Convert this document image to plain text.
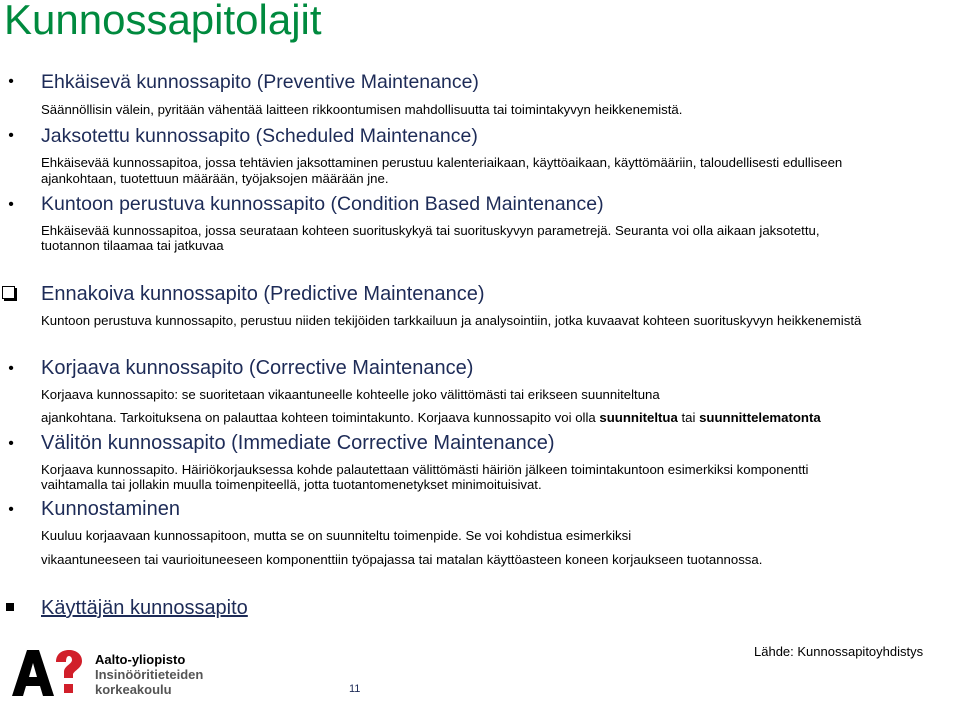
Kunnossapitolajit
• Ehkäisevä kunnossapito (Preventive Maintenance)
Säännöllisin välein, pyritään vähentää laitteen rikkoontumisen mahdollisuutta tai toimintakyvyn heikkenemistä.
• Jaksotettu kunnossapito (Scheduled Maintenance)
Ehkäisevää kunnossapitoa, jossa tehtävien jaksottaminen perustuu kalenteriaikaan, käyttöaikaan, käyttömääriin, taloudellisesti edulliseen
ajankohtaan, tuotettuun määrään, työjaksojen määrään jne.
• Kuntoon perustuva kunnossapito (Condition Based Maintenance)
Ehkäisevää kunnossapitoa, jossa seurataan kohteen suorituskykyä tai suorituskyvyn parametrejä. Seuranta voi olla aikaan jaksotettu,
tuotannon tilaamaa tai jatkuvaa
Ennakoiva kunnossapito (Predictive Maintenance)
Kuntoon perustuva kunnossapito, perustuu niiden tekijöiden tarkkailuun ja analysointiin, jotka kuvaavat kohteen suorituskyvyn heikkenemistä
• Korjaava kunnossapito (Corrective Maintenance)
Korjaava kunnossapito: se suoritetaan vikaantuneelle kohteelle joko välittömästi tai erikseen suunniteltuna
ajankohtana. Tarkoituksena on palauttaa kohteen toimintakunto. Korjaava kunnossapito voi olla suunniteltua tai suunnittelematonta
• Välitön kunnossapito (Immediate Corrective Maintenance)
Korjaava kunnossapito. Häiriökorjauksessa kohde palautettaan välittömästi häiriön jälkeen toimintakuntoon esimerkiksi komponentti
vaihtamalla tai jollakin muulla toimenpiteellä, jotta tuotantomenetykset minimoituisivat.
• Kunnostaminen
Kuuluu korjaavaan kunnossapitoon, mutta se on suunniteltu toimenpide. Se voi kohdistua esimerkiksi
vikaantuneeseen tai vaurioituneeseen komponenttiin työpajassa tai matalan käyttöasteen koneen korjaukseen tuotannossa.
Käyttäjän kunnossapito
Aalto-yliopisto
Insinööritieteiden
korkeakoulu	11
Lähde: Kunnossapitoyhdistys
